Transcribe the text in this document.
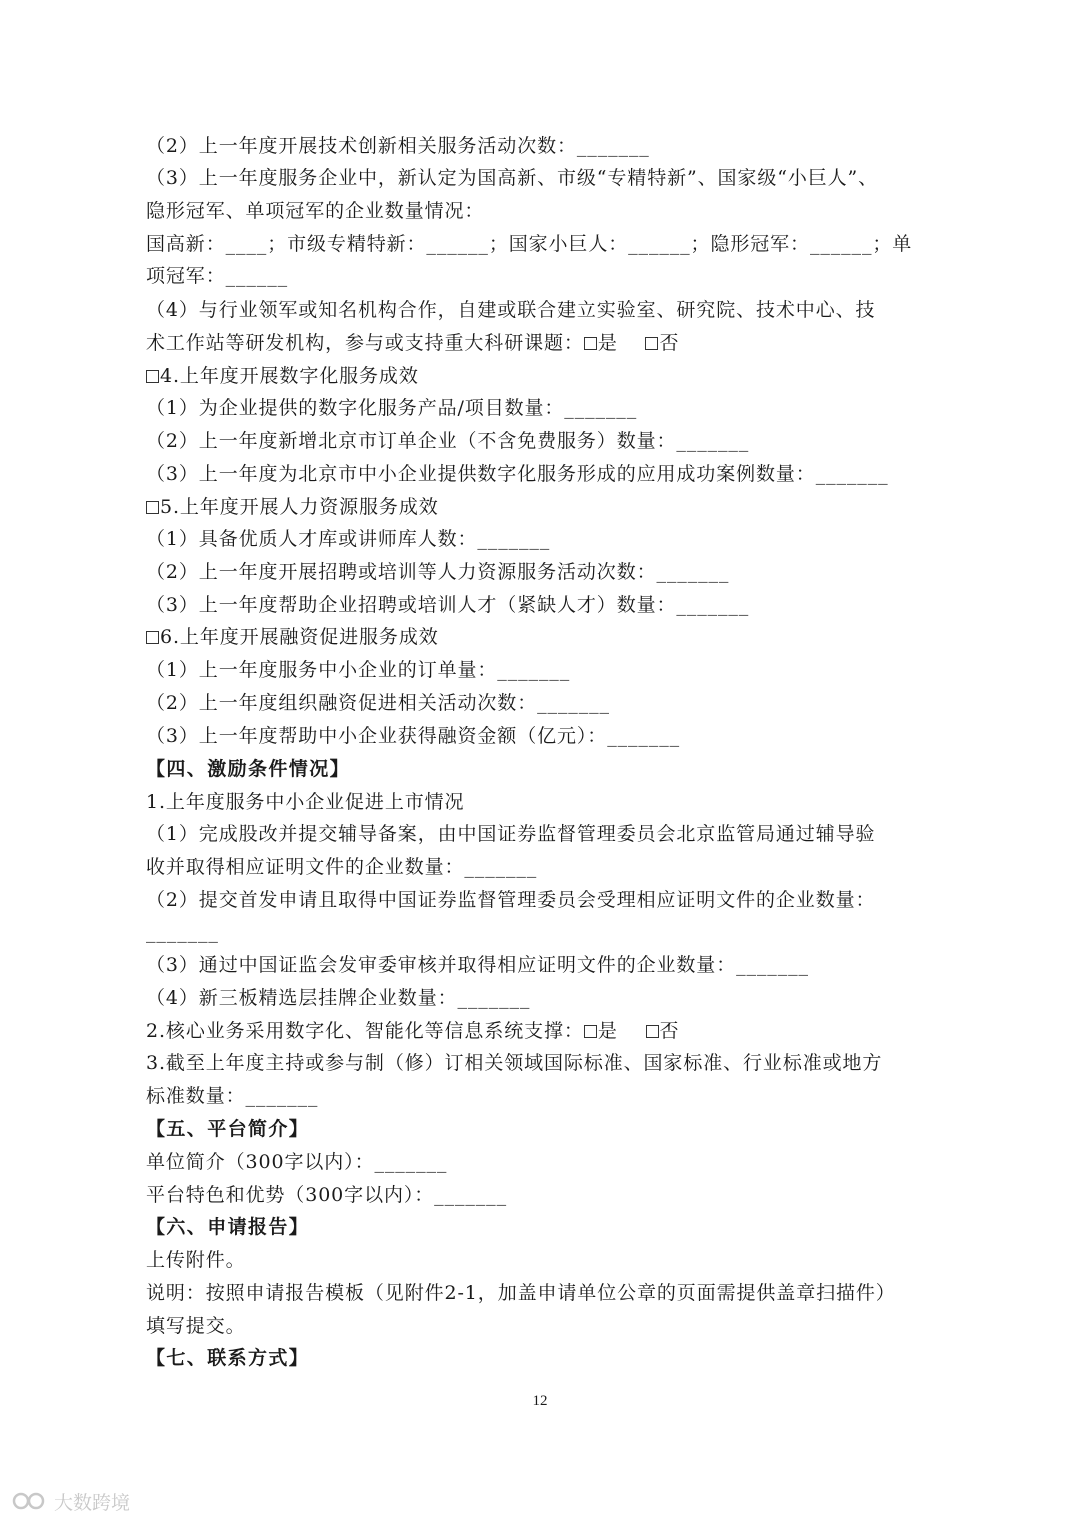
（2）上一年度开展技术创新相关服务活动次数：_______
（3）上一年度服务企业中，新认定为国高新、市级“专精特新”、国家级“小巨人”、
隐形冠军、单项冠军的企业数量情况：
国高新：____；市级专精特新：______；国家小巨人：______；隐形冠军：______；单
项冠军：______
（4）与行业领军或知名机构合作，自建或联合建立实验室、研究院、技术中心、技
术工作站等研发机构，参与或支持重大科研课题： 是 否
4.上年度开展数字化服务成效
（1）为企业提供的数字化服务产品/项目数量：_______
（2）上一年度新增北京市订单企业（不含免费服务）数量：_______
（3）上一年度为北京市中小企业提供数字化服务形成的应用成功案例数量：_______
5.上年度开展人力资源服务成效
（1）具备优质人才库或讲师库人数：_______
（2）上一年度开展招聘或培训等人力资源服务活动次数：_______
（3）上一年度帮助企业招聘或培训人才（紧缺人才）数量：_______
6.上年度开展融资促进服务成效
（1）上一年度服务中小企业的订单量：_______
（2）上一年度组织融资促进相关活动次数：_______
（3）上一年度帮助中小企业获得融资金额（亿元）：_______
【四、激励条件情况】
1.上年度服务中小企业促进上市情况
（1）完成股改并提交辅导备案，由中国证券监督管理委员会北京监管局通过辅导验
收并取得相应证明文件的企业数量：_______
（2）提交首发申请且取得中国证券监督管理委员会受理相应证明文件的企业数量：
_______
（3）通过中国证监会发审委审核并取得相应证明文件的企业数量：_______
（4）新三板精选层挂牌企业数量：_______
2.核心业务采用数字化、智能化等信息系统支撑： 是 否
3.截至上年度主持或参与制（修）订相关领域国际标准、国家标准、行业标准或地方
标准数量：_______
【五、平台简介】
单位简介（300字以内）：_______
平台特色和优势（300字以内）：_______
【六、申请报告】
上传附件。
说明：按照申请报告模板（见附件2-1，加盖申请单位公章的页面需提供盖章扫描件）
填写提交。
【七、联系方式】
12
大数跨境
